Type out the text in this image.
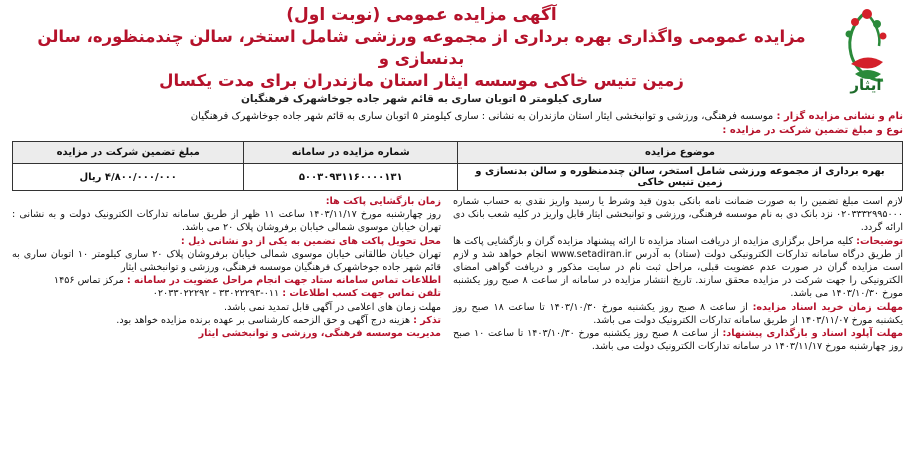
ایثار
آگهی مزایده عمومی (نوبت اول)
مزایده عمومی واگذاری بهره برداری از مجموعه ورزشی شامل استخر، سالن چندمنظوره، سالن بدنسازی و
زمین تنیس خاکی موسسه ایثار استان مازندران برای مدت یکسال
ساری کیلومتر ۵ اتوبان ساری به قائم شهر جاده جوخاشهرک فرهنگیان
نام و نشانی مزایده گزار : موسسه فرهنگی، ورزشی و توانبخشی ایثار استان مازندران به نشانی : ساری کیلومتر ۵ اتوبان ساری به قائم شهر جاده جوخاشهرک فرهنگیان
نوع و مبلغ تضمین شرکت در مزایده :
موضوع مزایده	شماره مزایده در سامانه	مبلغ تضمین شرکت در مزایده
بهره برداری از مجموعه ورزشی شامل استخر، سالن چندمنظوره و سالن بدنسازی و زمین تنیس خاکی	۵۰۰۳۰۹۳۱۱۶۰۰۰۰۱۳۱	۴/۸۰۰/۰۰۰/۰۰۰ ریال
لازم است مبلغ تضمین را به صورت ضمانت نامه بانکی بدون قید وشرط یا رسید واریز نقدی به حساب شماره ۰۲۰۳۳۳۲۹۹۵۰۰۰ نزد بانک دی به نام موسسه فرهنگی، ورزشی و توانبخشی ایثار قابل واریز در کلیه شعب بانک دی ارائه گردد.
توضیحات: کلیه مراحل برگزاری مزایده از دریافت اسناد مزایده تا ارائه پیشنهاد مزایده گران و بازگشایی پاکت ها از طریق درگاه سامانه تدارکات الکترونیکی دولت (ستاد) به آدرس www.setadiran.ir انجام خواهد شد و لازم است مزایده گران در صورت عدم عضویت قبلی، مراحل ثبت نام در سایت مذکور و دریافت گواهی امضای الکترونیکی را جهت شرکت در مزایده محقق سازند. تاریخ انتشار مزایده در سامانه از ساعت ۸ صبح روز یکشنبه مورخ ۱۴۰۳/۱۰/۳۰ می باشد.
مهلت زمان خرید اسناد مزایده: از ساعت ۸ صبح روز یکشنبه مورخ ۱۴۰۳/۱۰/۳۰ تا ساعت ۱۸ صبح روز یکشنبه مورخ ۱۴۰۳/۱۱/۰۷ از طریق سامانه تدارکات الکترونیک دولت می باشد.
مهلت آپلود اسناد و بازگذاری پیشنهاد: از ساعت ۸ صبح روز یکشنبه مورخ ۱۴۰۳/۱۰/۳۰ تا ساعت ۱۰ صبح روز چهارشنبه مورخ ۱۴۰۳/۱۱/۱۷ در سامانه تدارکات الکترونیک دولت می باشد.
زمان بازگشایی پاکت ها:
روز چهارشنبه مورخ ۱۴۰۳/۱۱/۱۷ ساعت ۱۱ ظهر از طریق سامانه تدارکات الکترونیک دولت و به نشانی : تهران خیابان موسوی شمالی خیابان برفروشان پلاک ۲۰ می باشد.
محل تحویل پاکت های تضمین به یکی از دو نشانی ذیل :
تهران خیابان طالقانی خیابان موسوی شمالی خیابان برفروشان پلاک ۲۰ ساری کیلومتر ۱۰ اتوبان ساری به قائم شهر جاده جوخاشهرک فرهنگیان موسسه فرهنگی، ورزشی و توانبخشی ایثار
اطلاعات تماس سامانه ستاد جهت انجام مراحل عضویت در سامانه : مرکز تماس ۱۴۵۶
تلفن تماس جهت کسب اطلاعات : ۰۱۱-۳۳۰۲۲۲۹۳ - ۰۲۰۳۳۰۲۲۲۹۲
مهلت زمان های اعلامی در آگهی قابل تمدید نمی باشد.
تذکر : هزینه درج آگهی و حق الزحمه کارشناسی بر عهده برنده مزایده خواهد بود.
مدیریت موسسه فرهنگی، ورزشی و توانبخشی ایثار
